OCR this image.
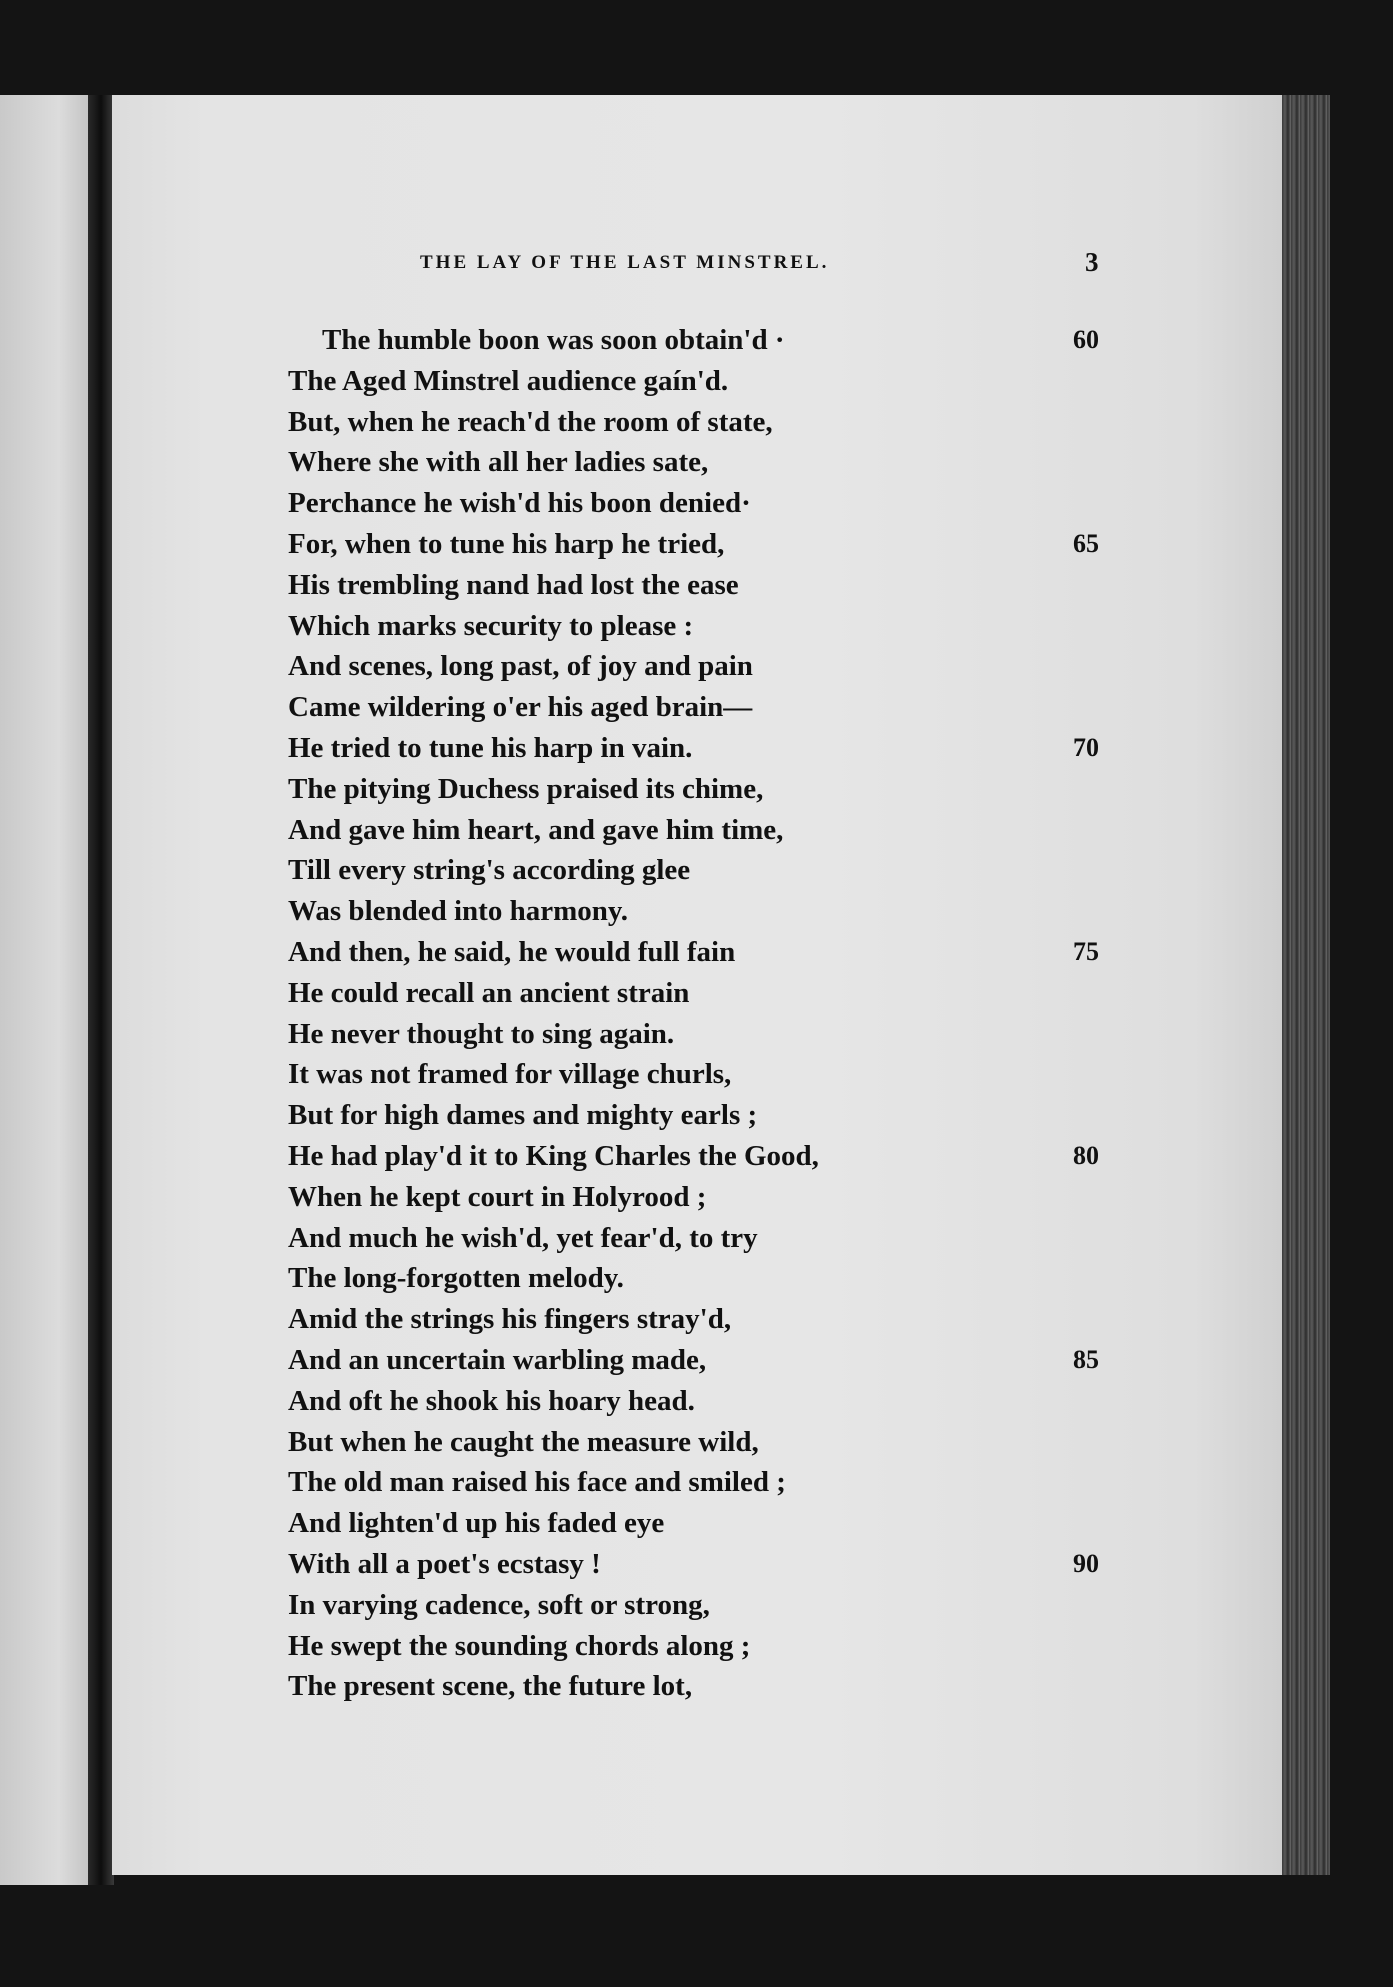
THE LAY OF THE LAST MINSTREL.	3
The humble boon was soon obtain'd ·	60
The Aged Minstrel audience gaín'd.
But, when he reach'd the room of state,
Where she with all her ladies sate,
Perchance he wish'd his boon denied·
For, when to tune his harp he tried,	65
His trembling nand had lost the ease
Which marks security to please :
And scenes, long past, of joy and pain
Came wildering o'er his aged brain—
He tried to tune his harp in vain.	70
The pitying Duchess praised its chime,
And gave him heart, and gave him time,
Till every string's according glee
Was blended into harmony.
And then, he said, he would full fain	75
He could recall an ancient strain
He never thought to sing again.
It was not framed for village churls,
But for high dames and mighty earls ;
He had play'd it to King Charles the Good,	80
When he kept court in Holyrood ;
And much he wish'd, yet fear'd, to try
The long-forgotten melody.
Amid the strings his fingers stray'd,
And an uncertain warbling made,	85
And oft he shook his hoary head.
But when he caught the measure wild,
The old man raised his face and smiled ;
And lighten'd up his faded eye
With all a poet's ecstasy !	90
In varying cadence, soft or strong,
He swept the sounding chords along ;
The present scene, the future lot,
